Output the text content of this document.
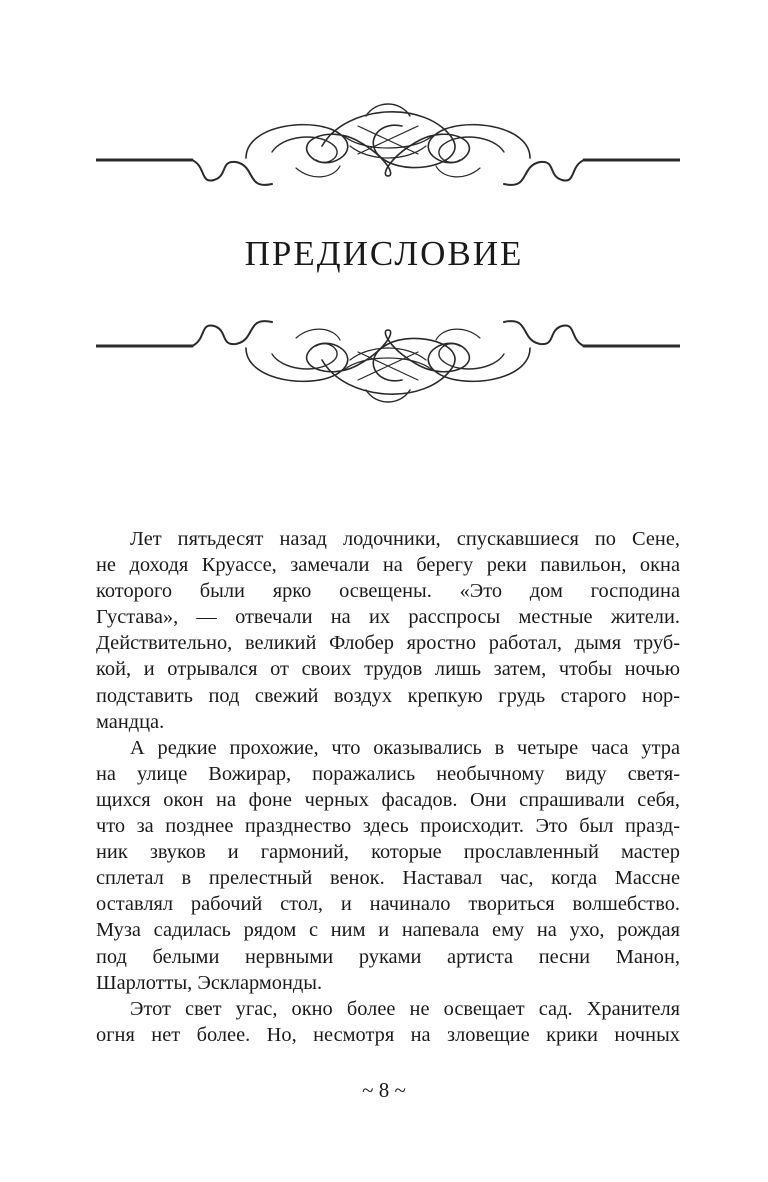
ПРЕДИСЛОВИЕ
Лет пятьдесят назад лодочники, спускавшиеся по Сене,
не доходя Круассе, замечали на берегу реки павильон, окна
которого были ярко освещены. «Это дом господина
Густава», — отвечали на их расспросы местные жители.
Действительно, великий Флобер яростно работал, дымя труб-
кой, и отрывался от своих трудов лишь затем, чтобы ночью
подставить под свежий воздух крепкую грудь старого нор-
мандца.
А редкие прохожие, что оказывались в четыре часа утра
на улице Вожирар, поражались необычному виду светя-
щихся окон на фоне черных фасадов. Они спрашивали себя,
что за позднее празднество здесь происходит. Это был празд-
ник звуков и гармоний, которые прославленный мастер
сплетал в прелестный венок. Наставал час, когда Массне
оставлял рабочий стол, и начинало твориться волшебство.
Муза садилась рядом с ним и напевала ему на ухо, рождая
под белыми нервными руками артиста песни Манон,
Шарлотты, Эсклармонды.
Этот свет угас, окно более не освещает сад. Хранителя
огня нет более. Но, несмотря на зловещие крики ночных
~ 8 ~
